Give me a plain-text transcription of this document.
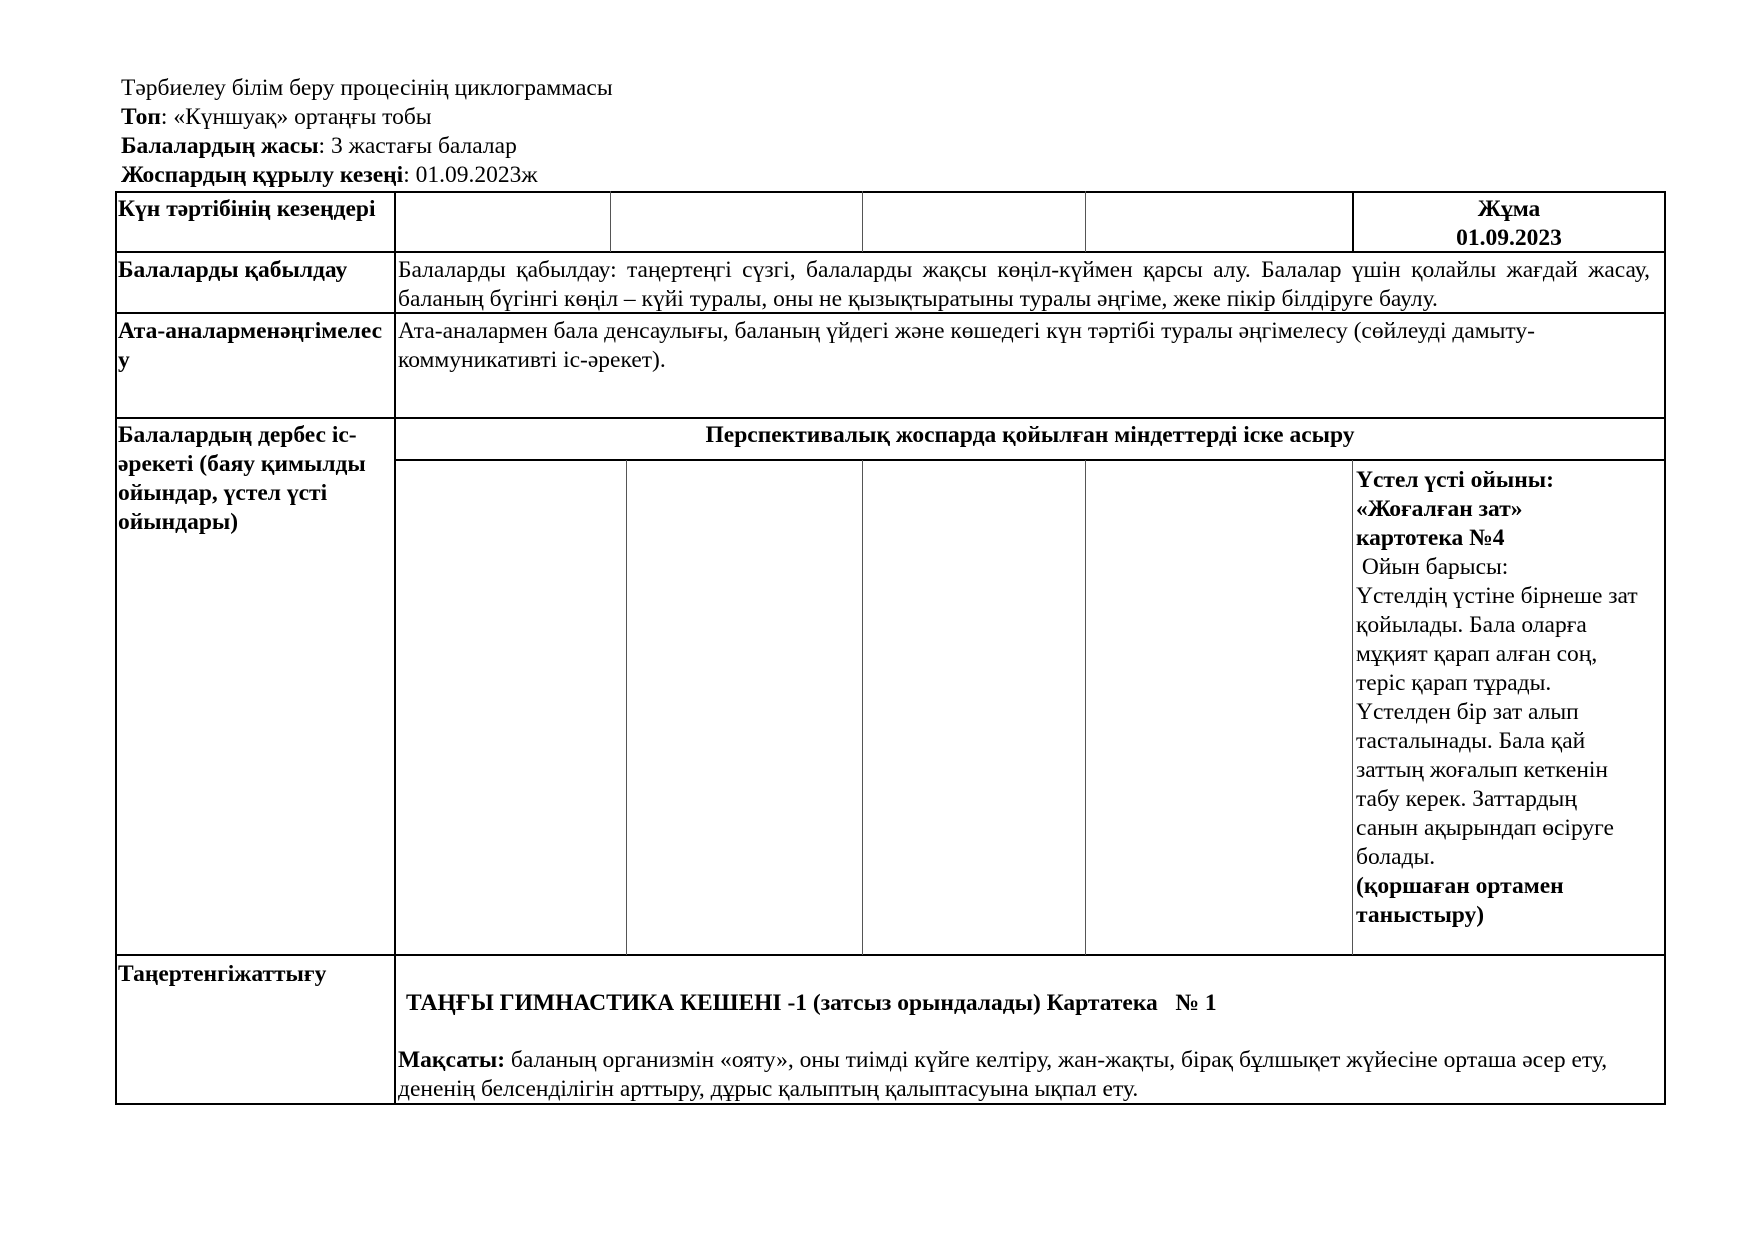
Тәрбиелеу білім беру процесінің циклограммасы
Топ: «Күншуақ» ортаңғы тобы
Балалардың жасы: 3 жастағы балалар
Жоспардың құрылу кезеңі: 01.09.2023ж
Күн тәртібінің кезеңдері	Жұма
01.09.2023
Балаларды қабылдау	Балаларды қабылдау: таңертеңгі сүзгі, балаларды жақсы көңіл-күймен қарсы алу. Балалар үшін қолайлы жағдай жасау, баланың бүгінгі көңіл – күйі туралы, оны не қызықтыратыны туралы әңгіме, жеке пікір білдіруге баулу.
Ата-аналарменәңгімелесу
Ата-аналармен бала денсаулығы, баланың үйдегі және көшедегі күн тәртібі туралы әңгімелесу (сөйлеуді дамыту- коммуникативті іс-әрекет).
Балалардың дербес іс-әрекеті (баяу қимылды ойындар, үстел үсті ойындары)
Перспективалық жоспарда қойылған міндеттерді іске асыру
Үстел үсті ойыны:
«Жоғалған зат»
картотека №4
Ойын барысы:
Үстелдің үстіне бірнеше зат қойылады. Бала оларға мұқият қарап алған соң, теріс қарап тұрады. Үстелден бір зат алып тасталынады. Бала қай заттың жоғалып кеткенін табу керек. Заттардың санын ақырындап өсіруге болады.
(қоршаған ортамен таныстыру)
Таңертенгіжаттығу
ТАҢҒЫ ГИМНАСТИКА КЕШЕНІ -1 (затсыз орындалады) Картатека   № 1
Мақсаты: баланың организмін «ояту», оны тиімді күйге келтіру, жан-жақты, бірақ бұлшықет жүйесіне орташа әсер ету, дененің белсенділігін арттыру, дұрыс қалыптың қалыптасуына ықпал ету.
